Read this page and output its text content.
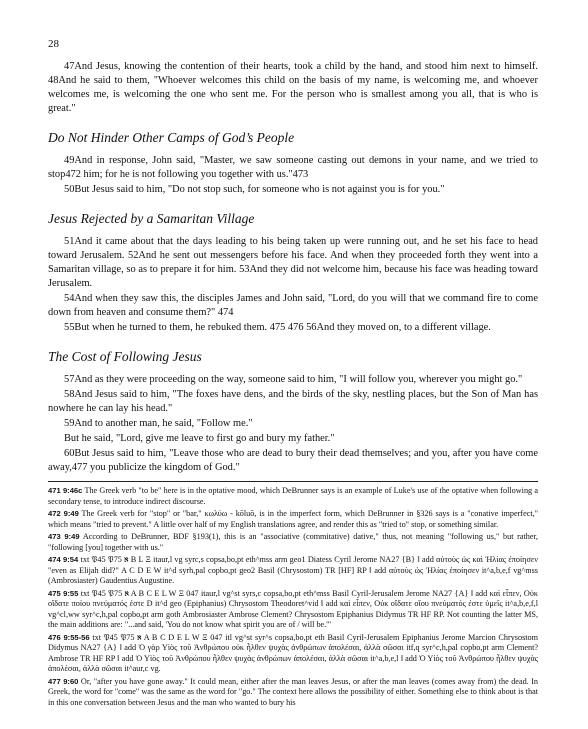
28

47And Jesus, knowing the contention of their hearts, took a child by the hand, and stood him next to himself. 48And he said to them, "Whoever welcomes this child on the basis of my name, is welcoming me, and whoever welcomes me, is welcoming the one who sent me. For the person who is smallest among you all, that is who is great."

Do Not Hinder Other Camps of God’s People

49And in response, John said, "Master, we saw someone casting out demons in your name, and we tried to stop472 him; for he is not following you together with us."473

50But Jesus said to him, "Do not stop such, for someone who is not against you is for you."

Jesus Rejected by a Samaritan Village

51And it came about that the days leading to his being taken up were running out, and he set his face to head toward Jerusalem. 52And he sent out messengers before his face. And when they proceeded forth they went into a Samaritan village, so as to prepare it for him. 53And they did not welcome him, because his face was heading toward Jerusalem.

54And when they saw this, the disciples James and John said, "Lord, do you will that we command fire to come down from heaven and consume them?" 474

55But when he turned to them, he rebuked them. 475 476 56And they moved on, to a different village.

The Cost of Following Jesus

57And as they were proceeding on the way, someone said to him, "I will follow you, wherever you might go."

58And Jesus said to him, "The foxes have dens, and the birds of the sky, nestling places, but the Son of Man has nowhere he can lay his head."

59And to another man, he said, "Follow me."

But he said, "Lord, give me leave to first go and bury my father."

60But Jesus said to him, "Leave those who are dead to bury their dead themselves; and you, after you have come away,477 you publicize the kingdom of God."

471 9:46c The Greek verb "to be" here is in the optative mood, which DeBrunner says is an example of Luke's use of the optative when following a secondary tense, to introduce indirect discourse.

472 9:49 The Greek verb for "stop" or "bar," κωλύω - kōluō, is in the imperfect form, which DeBrunner in §326 says is a "conative imperfect," which means "tried to prevent." A little over half of my English translations agree, and render this as "tried to" stop, or something similar.

473 9:49 According to DeBrunner, BDF §193(1), this is an "associative (commitative) dative," thus, not meaning "following us," but rather, "following [you] together with us."

474 9:54 txt 𝔓45 𝔓75 ℵ B L Ξ itaur,l vg syrc,s copsa,bo,pt eth^mss arm geo1 Diatess Cyril Jerome NA27 {B} ‖ add αὐτοὺς ὡς καὶ Ἠλίας ἐποίησεν "even as Elijah did?" A C D E W it^d syrh,pal copbo,pt geo2 Basil (Chrysostom) TR [HF] RP ‖ add αὐτοὺς ὡς Ἠλίας ἐποίησεν it^a,b,e,f vg^mss (Ambrosiaster) Gaudentius Augustine.

475 9:55 txt 𝔓45 𝔓75 ℵ A B C E L W Ξ 047 itaur,l vg^st syrs,c copsa,bo,pt eth^mss Basil Cyril-Jerusalem Jerome NA27 {A} ‖ add καὶ εἶπεν, Οὐκ οἴδατε ποίου πνεύματός ἐστε D it^d geo (Epiphanius) Chrysostom Theodoret^vid ‖ add καὶ εἶπεν, Οὐκ οἴδατε οἵου πνεύματός ἐστε ὑμεῖς it^a,b,e,f,l vg^cl,ww syr^c,h,pal copbo,pt arm goth Ambrosiaster Ambrose Clement? Chrysostom Epiphanius Didymus TR HF RP. Not counting the latter MS, the main additions are: "...and said, 'You do not know what spirit you are of / will be.'"

476 9:55-56 txt 𝔓45 𝔓75 ℵ A B C D E L W Ξ 047 itl vg^st syr^s copsa,bo,pt eth Basil Cyril-Jerusalem Epiphanius Jerome Marcion Chrysostom Didymus NA27 {A} ‖ add Ὁ γὰρ Υἱὸς τοῦ Ἀνθρώπου οὐκ ἦλθεν ψυχὰς ἀνθρώπων ἀπολέσαι, ἀλλὰ σῶσαι itf,q syr^c,h,pal copbo,pt arm Clement? Ambrose TR HF RP ‖ add Ὁ Υἱὸς τοῦ Ἀνθρώπου ἦλθεν ψυχὰς ἀνθρώπων ἀπολέσαι, ἀλλὰ σῶσαι it^a,b,e,l ‖ add Ὁ Υἱὸς τοῦ Ἀνθρώπου ἦλθεν ψυχὰς ἀπολέσαι, ἀλλὰ σῶσαι it^aur,c vg.

477 9:60 Or, "after you have gone away." It could mean, either after the man leaves Jesus, or after the man leaves (comes away from) the dead. In Greek, the word for "come" was the same as the word for "go." The context here allows the possibility of either. Something else to think about is that in this one conversation between Jesus and the man who wanted to bury his
